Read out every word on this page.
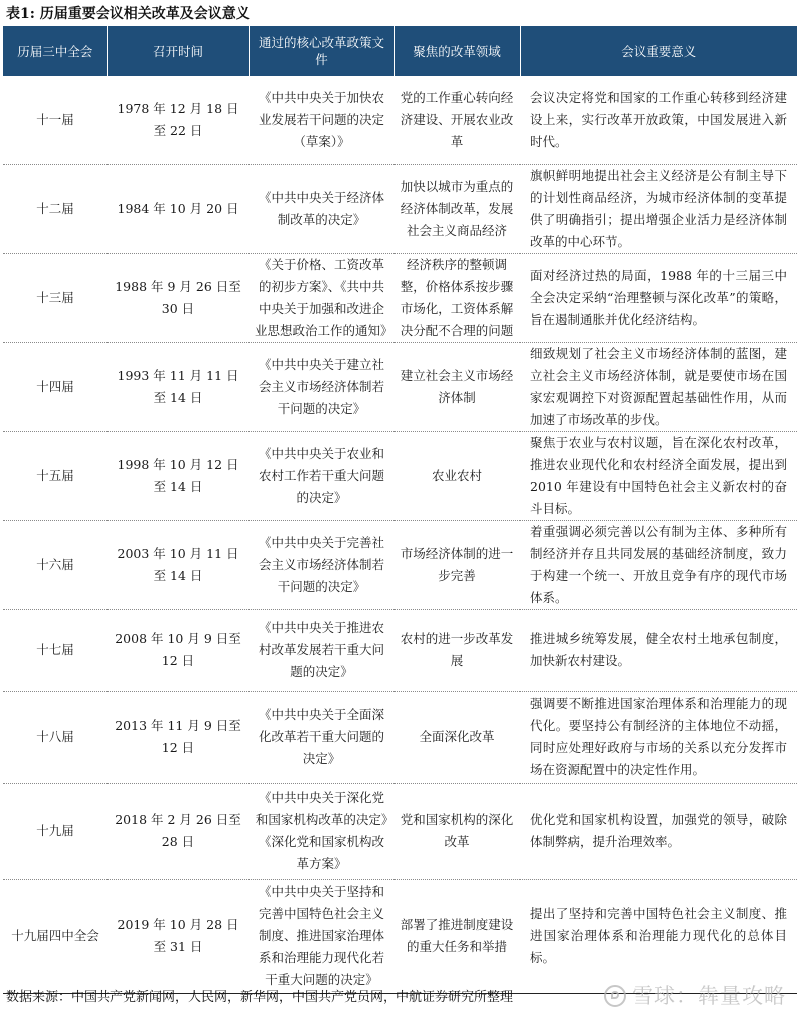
表1: 历届重要会议相关改革及会议意义
历届三中全会	召开时间	通过的核心改革政策文件	聚焦的改革领域	会议重要意义
十一届	1978 年 12 月 18 日至 22 日	《中共中央关于加快农业发展若干问题的决定（草案）》	党的工作重心转向经济建设、开展农业改革	会议决定将党和国家的工作重心转移到经济建设上来，实行改革开放政策，中国发展进入新时代。
十二届	1984 年 10 月 20 日	《中共中央关于经济体制改革的决定》	加快以城市为重点的经济体制改革，发展社会主义商品经济	旗帜鲜明地提出社会主义经济是公有制主导下的计划性商品经济，为城市经济体制的变革提供了明确指引；提出增强企业活力是经济体制改革的中心环节。
十三届	1988 年 9 月 26 日至 30 日	《关于价格、工资改革的初步方案》、《共中共中央关于加强和改进企业思想政治工作的通知》	经济秩序的整顿调整，价格体系按步骤市场化，工资体系解决分配不合理的问题	面对经济过热的局面，1988 年的十三届三中全会决定采纳“治理整顿与深化改革”的策略，旨在遏制通胀并优化经济结构。
十四届	1993 年 11 月 11 日至 14 日	《中共中央关于建立社会主义市场经济体制若干问题的决定》	建立社会主义市场经济体制	细致规划了社会主义市场经济体制的蓝图，建立社会主义市场经济体制，就是要使市场在国家宏观调控下对资源配置起基础性作用，从而加速了市场改革的步伐。
十五届	1998 年 10 月 12 日至 14 日	《中共中央关于农业和农村工作若干重大问题的决定》	农业农村	聚焦于农业与农村议题，旨在深化农村改革，推进农业现代化和农村经济全面发展，提出到 2010 年建设有中国特色社会主义新农村的奋斗目标。
十六届	2003 年 10 月 11 日至 14 日	《中共中央关于完善社会主义市场经济体制若干问题的决定》	市场经济体制的进一步完善	着重强调必须完善以公有制为主体、多种所有制经济并存且共同发展的基础经济制度，致力于构建一个统一、开放且竞争有序的现代市场体系。
十七届	2008 年 10 月 9 日至 12 日	《中共中央关于推进农村改革发展若干重大问题的决定》	农村的进一步改革发展	推进城乡统筹发展，健全农村土地承包制度，加快新农村建设。
十八届	2013 年 11 月 9 日至 12 日	《中共中央关于全面深化改革若干重大问题的决定》	全面深化改革	强调要不断推进国家治理体系和治理能力的现代化。要坚持公有制经济的主体地位不动摇，同时应处理好政府与市场的关系以充分发挥市场在资源配置中的决定性作用。
十九届	2018 年 2 月 26 日至 28 日	《中共中央关于深化党和国家机构改革的决定》《深化党和国家机构改革方案》	党和国家机构的深化改革	优化党和国家机构设置，加强党的领导，破除体制弊病，提升治理效率。
十九届四中全会	2019 年 10 月 28 日至 31 日	《中共中央关于坚持和完善中国特色社会主义制度、推进国家治理体系和治理能力现代化若干重大问题的决定》	部署了推进制度建设的重大任务和举措	提出了坚持和完善中国特色社会主义制度、推进国家治理体系和治理能力现代化的总体目标。
数据来源：中国共产党新闻网，人民网，新华网，中国共产党员网，中航证券研究所整理	雪球：犇量攻略
